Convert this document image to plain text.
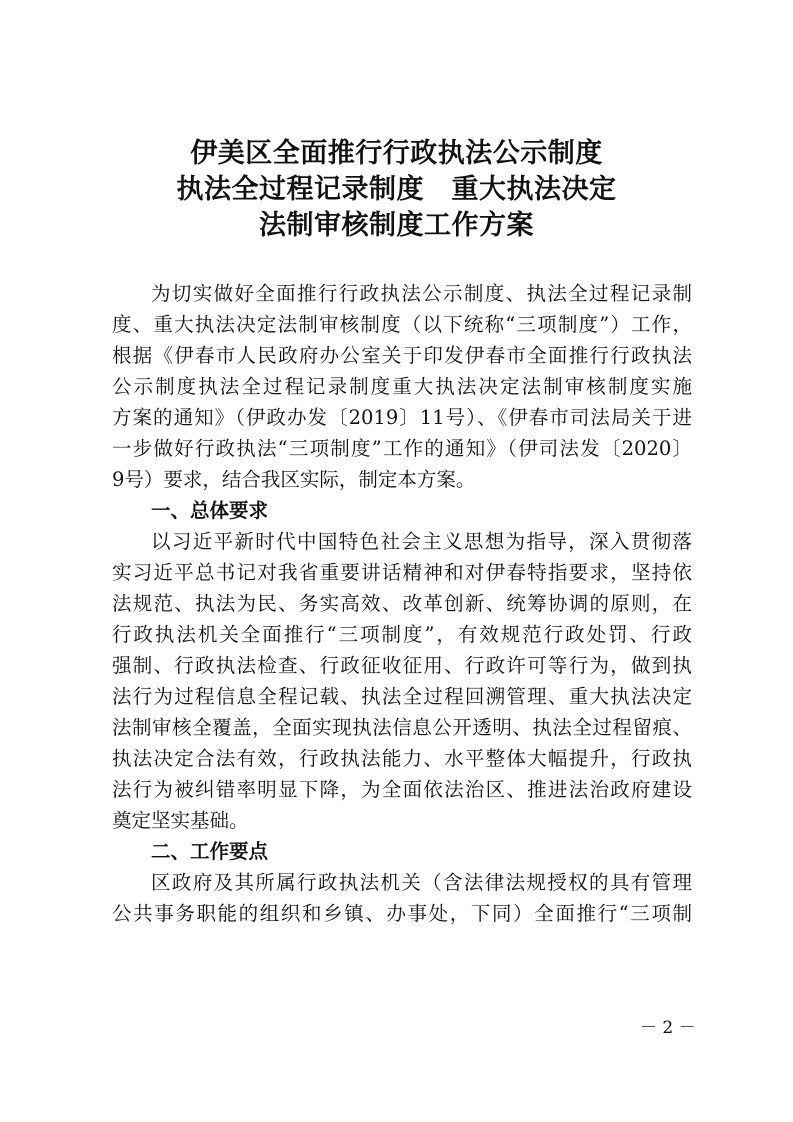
伊美区全面推行行政执法公示制度
执法全过程记录制度　重大执法决定
法制审核制度工作方案
为切实做好全面推行行政执法公示制度、执法全过程记录制
度、重大执法决定法制审核制度（以下统称“三项制度”）工作，
根据《伊春市人民政府办公室关于印发伊春市全面推行行政执法
公示制度执法全过程记录制度重大执法决定法制审核制度实施
方案的通知》（伊政办发〔2019〕11号）、《伊春市司法局关于进
一步做好行政执法“三项制度”工作的通知》（伊司法发〔2020〕
9号）要求，结合我区实际，制定本方案。
一、总体要求
以习近平新时代中国特色社会主义思想为指导，深入贯彻落
实习近平总书记对我省重要讲话精神和对伊春特指要求，坚持依
法规范、执法为民、务实高效、改革创新、统筹协调的原则，在
行政执法机关全面推行“三项制度”，有效规范行政处罚、行政
强制、行政执法检查、行政征收征用、行政许可等行为，做到执
法行为过程信息全程记载、执法全过程回溯管理、重大执法决定
法制审核全覆盖，全面实现执法信息公开透明、执法全过程留痕、
执法决定合法有效，行政执法能力、水平整体大幅提升，行政执
法行为被纠错率明显下降，为全面依法治区、推进法治政府建设
奠定坚实基础。
二、工作要点
区政府及其所属行政执法机关（含法律法规授权的具有管理
公共事务职能的组织和乡镇、办事处，下同）全面推行“三项制
－ 2 －
